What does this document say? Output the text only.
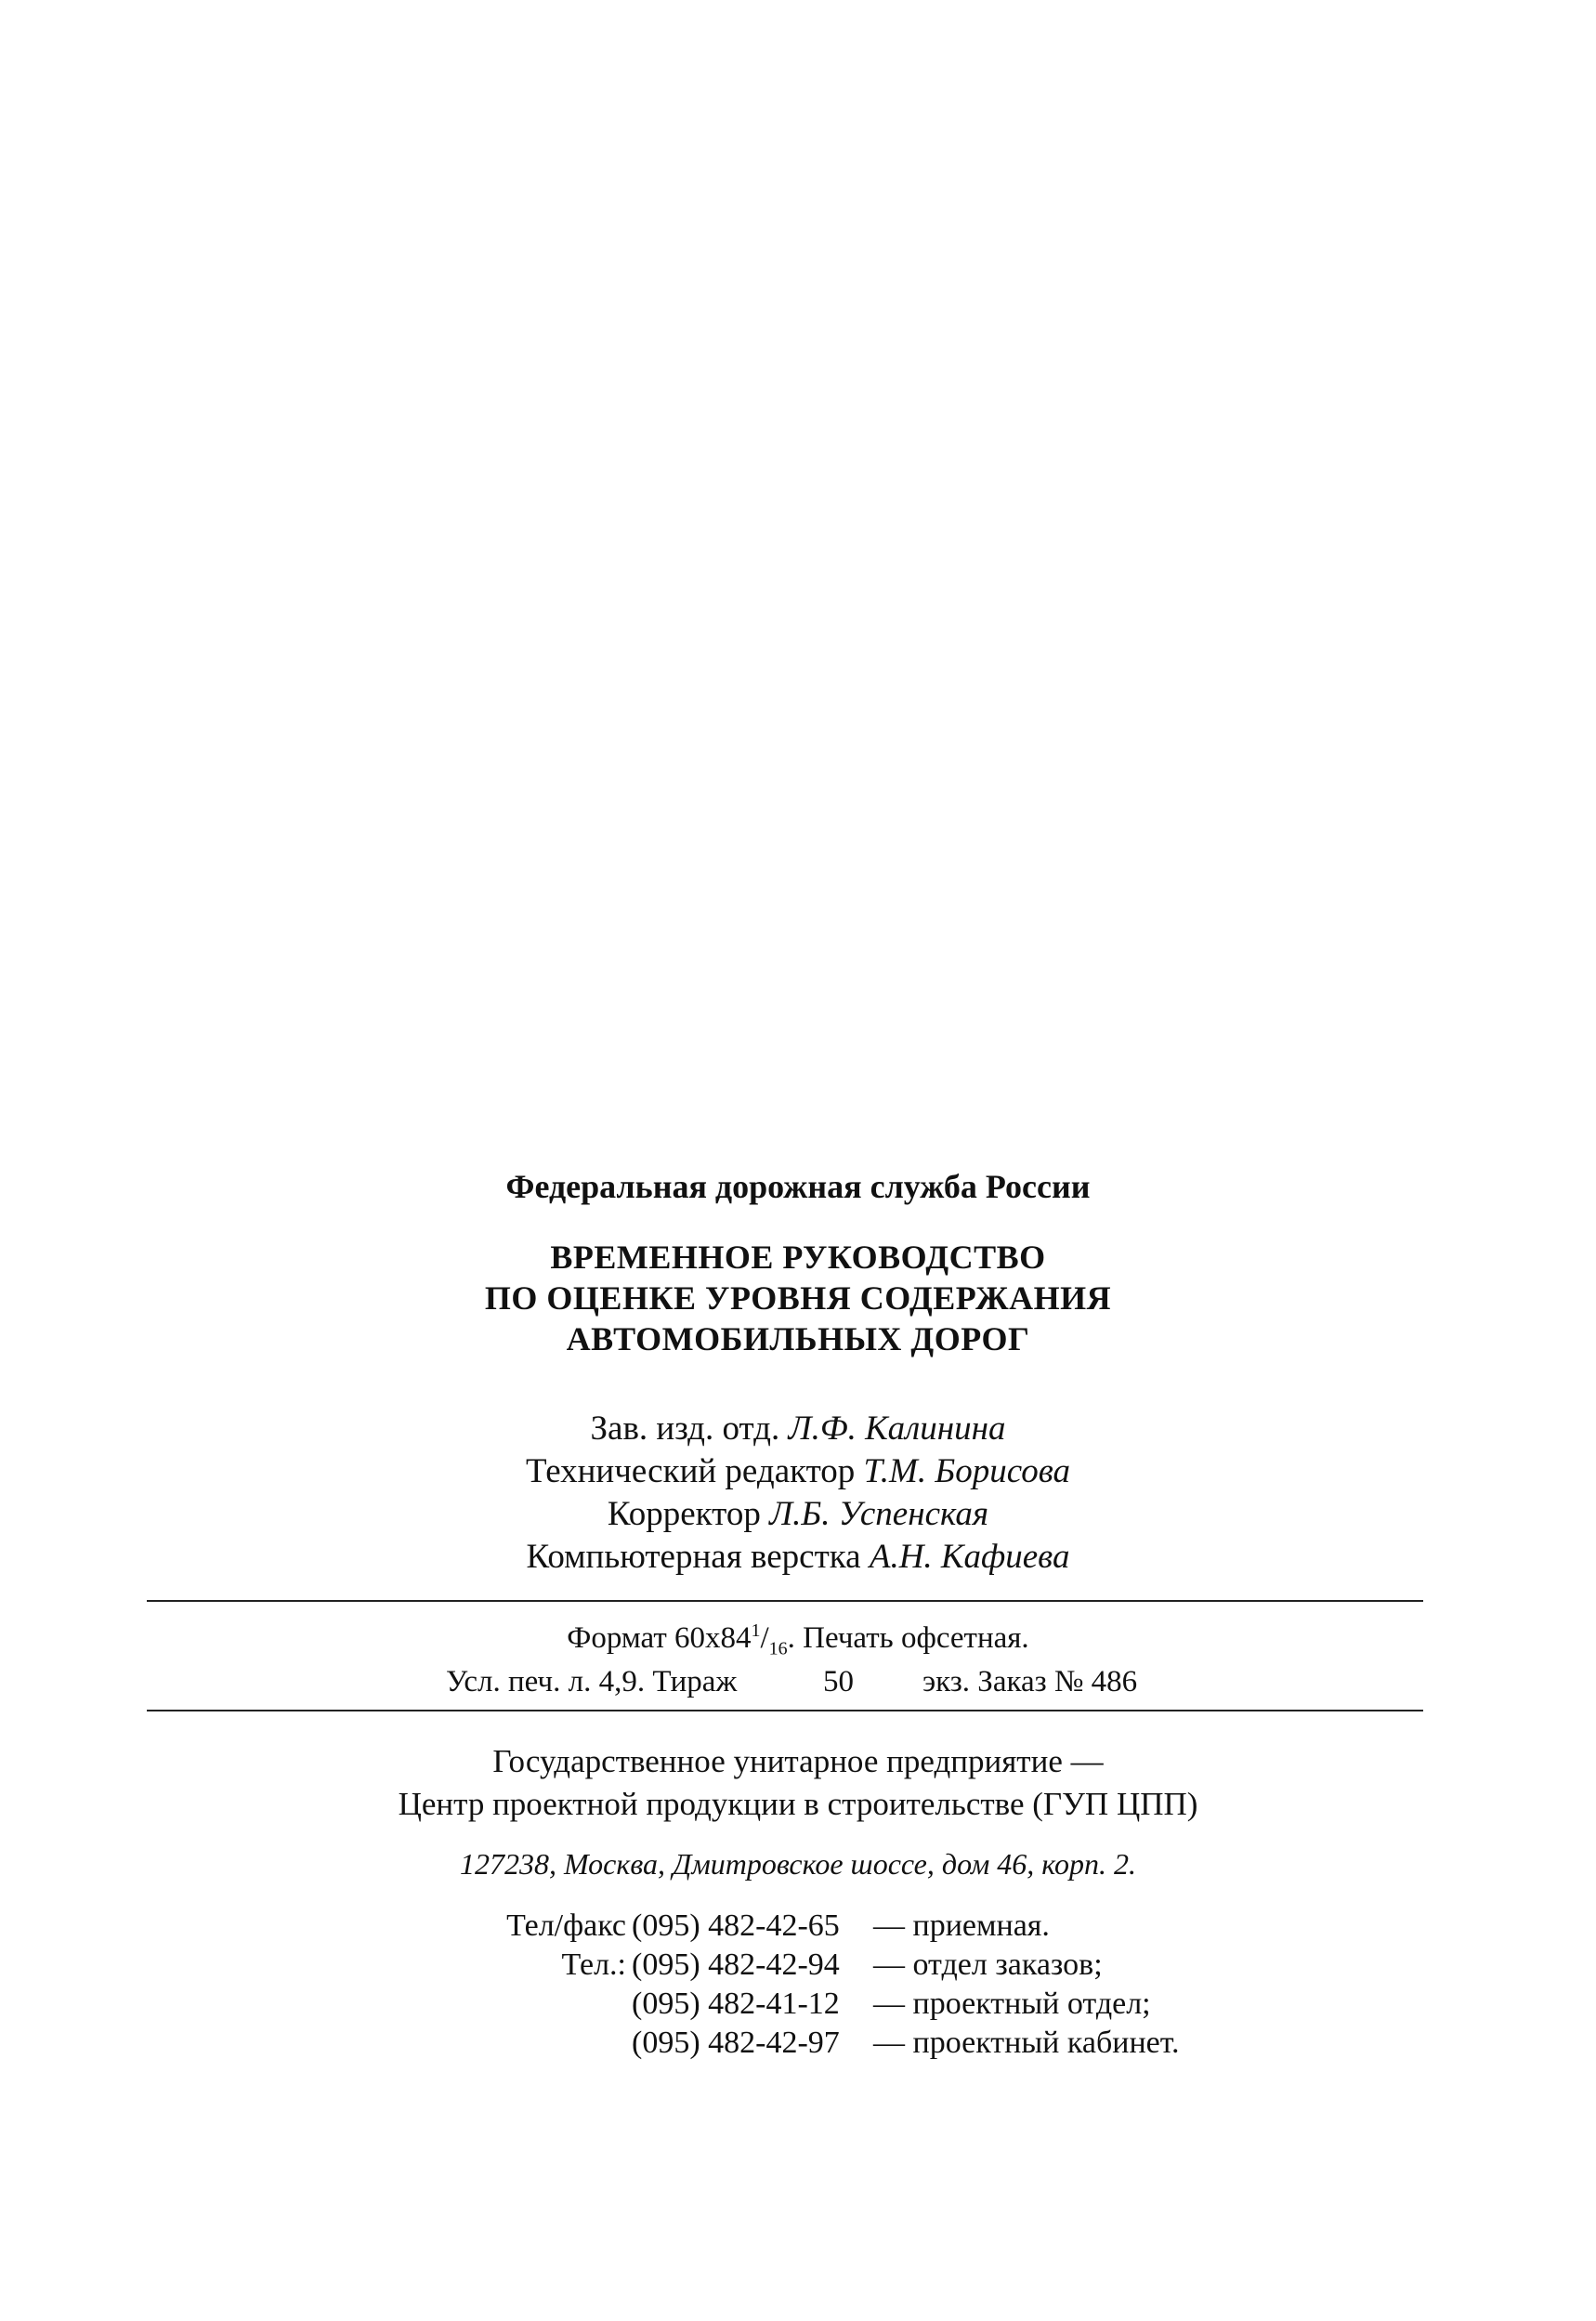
Федеральная дорожная служба России
ВРЕМЕННОЕ РУКОВОДСТВО
ПО ОЦЕНКЕ УРОВНЯ СОДЕРЖАНИЯ
АВТОМОБИЛЬНЫХ ДОРОГ
Зав. изд. отд. Л.Ф. Калинина
Технический редактор Т.М. Борисова
Корректор Л.Б. Успенская
Компьютерная верстка А.Н. Кафиева
Формат $60x84^1/_{16}$. Печать офсетная.
Усл. печ. л. 4,9. Тираж	50 экз. Заказ № 486
Государственное унитарное предприятие —
Центр проектной продукции в строительстве (ГУП ЦПП)
127238, Москва, Дмитровское шоссе, дом 46, корп. 2.
Тел/факс (095) 482-42-65 — приемная.
Тел.: (095) 482-42-94 — отдел заказов;
(095) 482-41-12 — проектный отдел;
(095) 482-42-97 — проектный кабинет.
